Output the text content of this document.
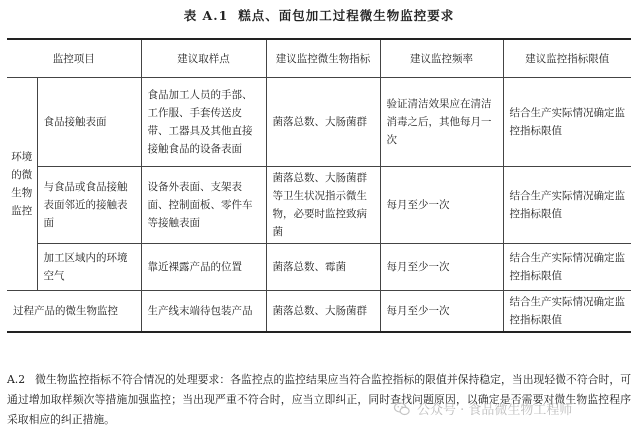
表 A.1 糕点、面包加工过程微生物监控要求
监控项目		建议取样点	建议监控微生物指标	建议监控频率	建议监控指标限值
环境的微生物监控	食品接触表面	食品加工人员的手部、工作服、手套传送皮带、工器具及其他直接接触食品的设备表面	菌落总数、大肠菌群	验证清洁效果应在清洁消毒之后，其他每月一次	结合生产实际情况确定监控指标限值
	与食品或食品接触表面邻近的接触表面	设备外表面、支架表面、控制面板、零件车等接触表面	菌落总数、大肠菌群等卫生状况指示微生物，必要时监控致病菌	每月至少一次	结合生产实际情况确定监控指标限值
	加工区域内的环境空气	靠近裸露产品的位置	菌落总数、霉菌	每月至少一次	结合生产实际情况确定监控指标限值
过程产品的微生物监控		生产线末端待包装产品	菌落总数、大肠菌群	每月至少一次	结合生产实际情况确定监控指标限值
A.2 微生物监控指标不符合情况的处理要求：各监控点的监控结果应当符合监控指标的限值并保持稳定，当出现轻微不符合时，可通过增加取样频次等措施加强监控；当出现严重不符合时，应当立即纠正，同时查找问题原因，以确定是否需要对微生物监控程序采取相应的纠正措施。
公众号 · 食品微生物工程师
